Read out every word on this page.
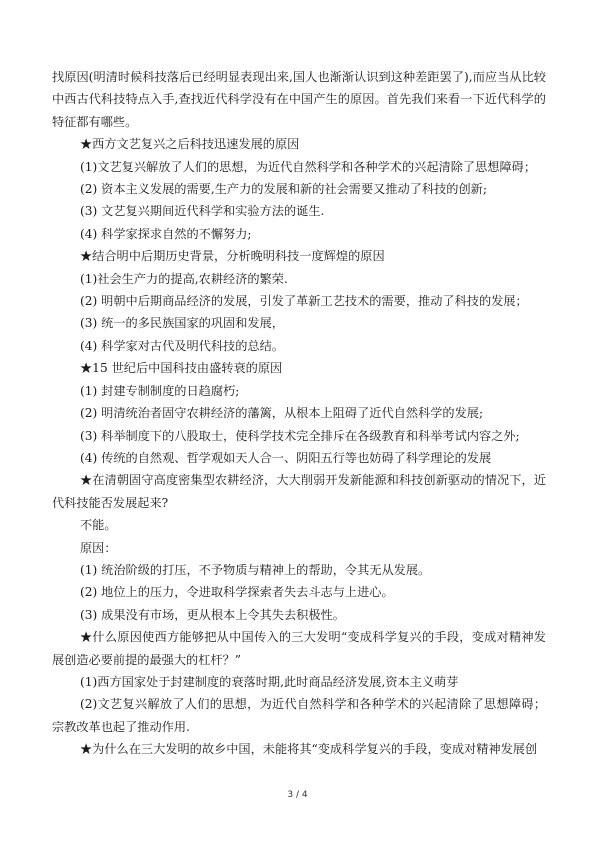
找原因(明清时候科技落后已经明显表现出来,国人也渐渐认识到这种差距罢了),而应当从比较中西古代科技特点入手,查找近代科学没有在中国产生的原因。首先我们来看一下近代科学的特征都有哪些。

★西方文艺复兴之后科技迅速发展的原因

(1)文艺复兴解放了人们的思想，为近代自然科学和各种学术的兴起清除了思想障碍；

(2) 资本主义发展的需要,生产力的发展和新的社会需要又推动了科技的创新;

(3) 文艺复兴期间近代科学和实验方法的诞生.

(4) 科学家探求自然的不懈努力;

★结合明中后期历史背景，分析晚明科技一度辉煌的原因

(1)社会生产力的提高,农耕经济的繁荣.

(2) 明朝中后期商品经济的发展，引发了革新工艺技术的需要，推动了科技的发展；

(3) 统一的多民族国家的巩固和发展，

(4) 科学家对古代及明代科技的总结。

★15 世纪后中国科技由盛转衰的原因

(1) 封建专制制度的日趋腐朽;

(2) 明清统治者固守农耕经济的藩篱，从根本上阻碍了近代自然科学的发展;

(3) 科举制度下的八股取士，使科学技术完全排斥在各级教育和科举考试内容之外;

(4) 传统的自然观、哲学观如天人合一、阴阳五行等也妨碍了科学理论的发展

★在清朝固守高度密集型农耕经济，大大削弱开发新能源和科技创新驱动的情况下，近代科技能否发展起来?

不能。

原因：

(1) 统治阶级的打压，不予物质与精神上的帮助，令其无从发展。

(2) 地位上的压力，令进取科学探索者失去斗志与上进心。

(3) 成果没有市场，更从根本上令其失去积极性。

★什么原因使西方能够把从中国传入的三大发明“变成科学复兴的手段，变成对精神发展创造必要前提的最强大的杠杆？”

(1)西方国家处于封建制度的衰落时期,此时商品经济发展,资本主义萌芽

(2)文艺复兴解放了人们的思想，为近代自然科学和各种学术的兴起清除了思想障碍；宗教改革也起了推动作用.

★为什么在三大发明的故乡中国，未能将其“变成科学复兴的手段，变成对精神发展创

3 / 4
